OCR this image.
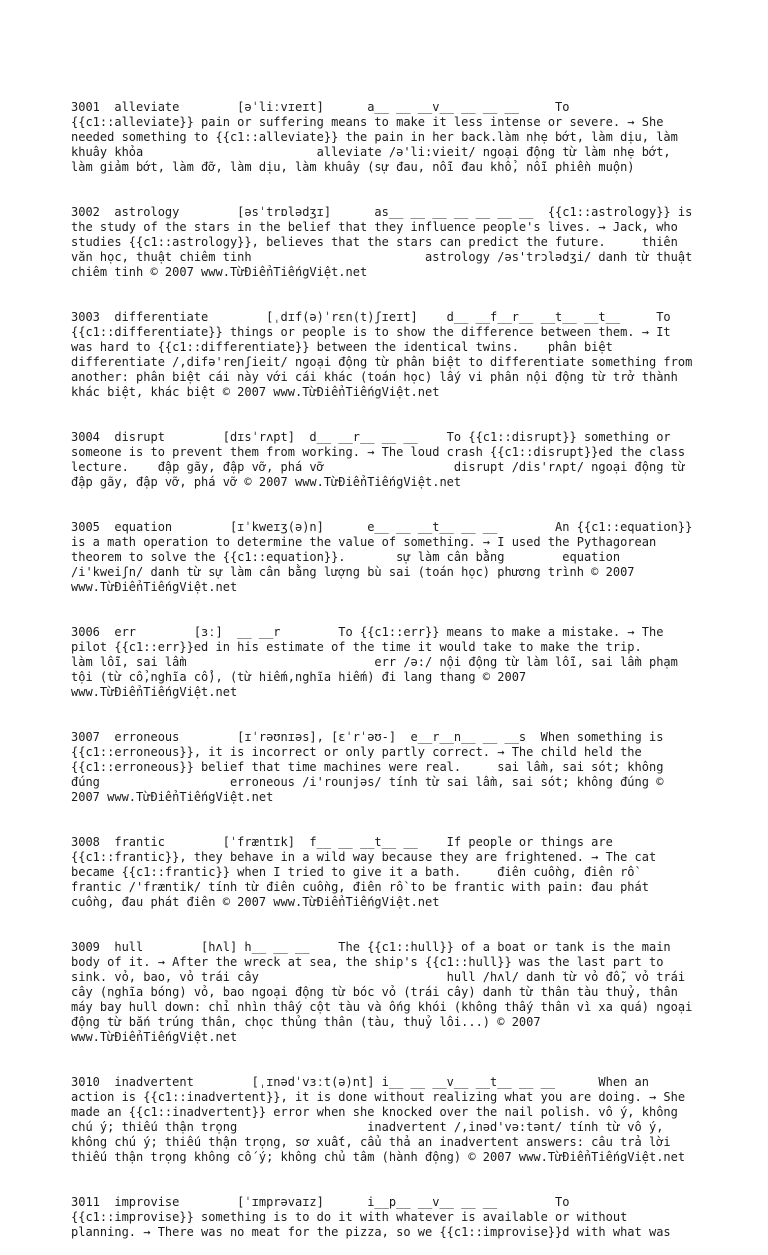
3001  alleviate        [əˈliːvɪeɪt]      a__ __ __v__ __ __ __     To {{c1::alleviate}} pain or suffering means to make it less intense or severe. → She needed something to {{c1::alleviate}} the pain in her back.làm nhẹ bớt, làm dịu, làm khuây khỏa                        alleviate /ə'li:vieit/ ngoại động từ làm nhẹ bớt, làm giảm bớt, làm đỡ, làm dịu, làm khuây (sự đau, nỗi đau khổ, nỗi phiền muộn)

3002  astrology        [əsˈtrɒlədʒɪ]      as__ __ __ __ __ __ __  {{c1::astrology}} is the study of the stars in the belief that they influence people's lives. → Jack, who studies {{c1::astrology}}, believes that the stars can predict the future.     thiên văn học, thuật chiêm tinh                        astrology /əs'trɔlədʒi/ danh từ thuật chiêm tinh © 2007 www.TừĐiểnTiếngViệt.net

3003  differentiate        [ˌdɪf(ə)ˈrɛn(t)ʃɪeɪt]    d__ __f__r__ __t__ __t__     To {{c1::differentiate}} things or people is to show the difference between them. → It was hard to {{c1::differentiate}} between the identical twins.    phân biệt                  differentiate /,difə'renʃieit/ ngoại động từ phân biệt to differentiate something from another: phân biệt cái này với cái khác (toán học) lấy vi phân nội động từ trở thành khác biệt, khác biệt © 2007 www.TừĐiểnTiếngViệt.net

3004  disrupt        [dɪsˈrʌpt]  d__ __r__ __ __    To {{c1::disrupt}} something or someone is to prevent them from working. → The loud crash {{c1::disrupt}}ed the class lecture.    đập gãy, đập vỡ, phá vỡ                  disrupt /dis'rʌpt/ ngoại động từ đập gãy, đập vỡ, phá vỡ © 2007 www.TừĐiểnTiếngViệt.net

3005  equation        [ɪˈkweɪʒ(ə)n]      e__ __ __t__ __ __        An {{c1::equation}} is a math operation to determine the value of something. → I used the Pythagorean theorem to solve the {{c1::equation}}.       sự làm cân bằng        equation /i'kweiʃn/ danh từ sự làm cân bằng lượng bù sai (toán học) phương trình © 2007 www.TừĐiểnTiếngViệt.net

3006  err        [ɜː]  __ __r        To {{c1::err}} means to make a mistake. → The pilot {{c1::err}}ed in his estimate of the time it would take to make the trip.     làm lỗi, sai lầm                          err /ə:/ nội động từ làm lỗi, sai lầm phạm tội (từ cổ,nghĩa cổ), (từ hiếm,nghĩa hiếm) đi lang thang © 2007 www.TừĐiểnTiếngViệt.net

3007  erroneous        [ɪˈrəʊnɪəs], [ɛˈrˈəʊ-]  e__r__n__ __ __s  When something is {{c1::erroneous}}, it is incorrect or only partly correct. → The child held the {{c1::erroneous}} belief that time machines were real.     sai lầm, sai sót; không đúng                  erroneous /i'rounjəs/ tính từ sai lầm, sai sót; không đúng © 2007 www.TừĐiểnTiếngViệt.net

3008  frantic        [ˈfræntɪk]  f__ __ __t__ __    If people or things are {{c1::frantic}}, they behave in a wild way because they are frightened. → The cat became {{c1::frantic}} when I tried to give it a bath.     điên cuồng, điên rồ              frantic /'fræntik/ tính từ điên cuồng, điên rồ to be frantic with pain: đau phát cuồng, đau phát điên © 2007 www.TừĐiểnTiếngViệt.net

3009  hull        [hʌl] h__ __ __    The {{c1::hull}} of a boat or tank is the main body of it. → After the wreck at sea, the ship's {{c1::hull}} was the last part to sink. vỏ, bao, vỏ trái cây                          hull /hʌl/ danh từ vỏ đỗ, vỏ trái cây (nghĩa bóng) vỏ, bao ngoại động từ bóc vỏ (trái cây) danh từ thân tàu thuỷ, thân máy bay hull down: chỉ nhìn thấy cột tàu và ống khói (không thấy thân vì xa quá) ngoại động từ bắn trúng thân, chọc thủng thân (tàu, thuỷ lôi...) © 2007 www.TừĐiểnTiếngViệt.net

3010  inadvertent        [ˌɪnədˈvɜːt(ə)nt] i__ __ __v__ __t__ __ __      When an action is {{c1::inadvertent}}, it is done without realizing what you are doing. → She made an {{c1::inadvertent}} error when she knocked over the nail polish. vô ý, không chú ý; thiếu thận trọng                  inadvertent /,inəd'və:tənt/ tính từ vô ý, không chú ý; thiếu thận trọng, sơ xuất, cẩu thả an inadvertent answers: câu trả lời thiếu thận trọng không cố ý; không chủ tâm (hành động) © 2007 www.TừĐiểnTiếngViệt.net

3011  improvise        [ˈɪmprəvaɪz]      i__p__ __v__ __ __        To {{c1::improvise}} something is to do it with whatever is available or without planning. → There was no meat for the pizza, so we {{c1::improvise}}d with what was
